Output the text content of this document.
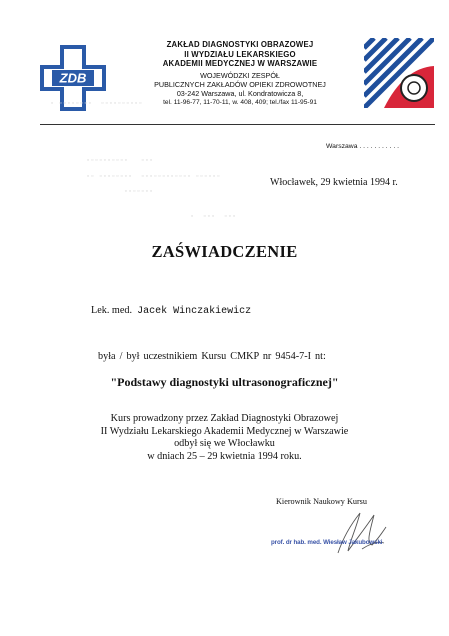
ZDB
ZAKŁAD DIAGNOSTYKI OBRAZOWEJ
II WYDZIAŁU LEKARSKIEGO
AKADEMII MEDYCZNEJ W WARSZAWIE
WOJEWÓDZKI ZESPÓŁ
PUBLICZNYCH ZAKŁADÓW OPIEKI ZDROWOTNEJ
03-242 Warszawa, ul. Kondratowicza 8,
tel. 11-96-77, 11-70-11, w. 408, 409; tel./fax 11-95-91
▫ ▫▫▫▫▫▫▫▫  ▫▫▫▫▫▫▫▫▫▫
Warszawa . . . . . . . . . . .
▫▫▫▫▫▫▫▫▫▫   ▫▫▫
▫▫ ▫▫▫▫▫▫▫▫  ▫▫▫▫▫▫▫▫▫▫▫▫ ▫▫▫▫▫▫
▫▫▫▫▫▫▫
▫  ▫▫▫  ▫▫▫
Włocławek, 29 kwietnia 1994 r.
ZAŚWIADCZENIE
Lek. med. Jacek Winczakiewicz
była / był uczestnikiem Kursu CMKP nr 9454-7-I nt:
"Podstawy diagnostyki ultrasonograficznej"
Kurs prowadzony przez Zakład Diagnostyki Obrazowej
II Wydziału Lekarskiego Akademii Medycznej w Warszawie
odbył się we Włocławku
w dniach 25 – 29 kwietnia 1994 roku.
Kierownik Naukowy Kursu
prof. dr hab. med. Wiesław Jakubowski
